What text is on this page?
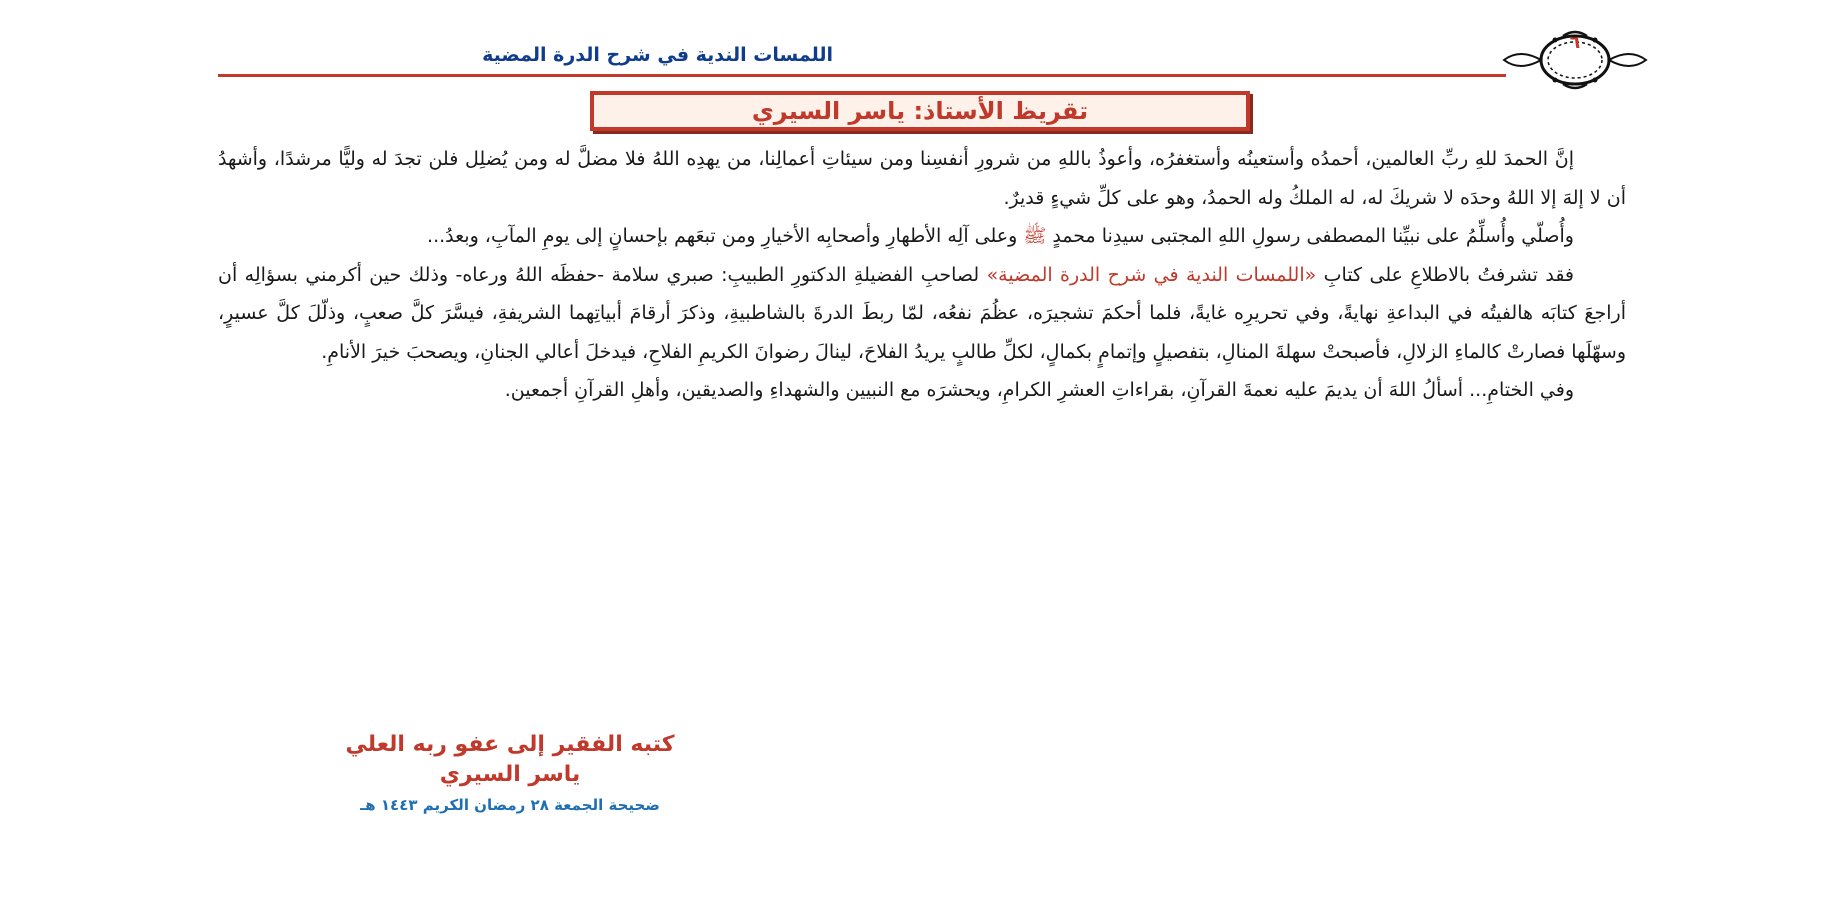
اللمسات الندية في شرح الدرة المضية
٦
تقريظ الأستاذ: ياسر السيري

إنَّ الحمدَ للهِ ربِّ العالمين، أحمدُه وأستعينُه وأستغفرُه، وأعوذُ باللهِ من شرورِ أنفسِنا ومن سيئاتِ أعمالِنا، من يهدِه اللهُ فلا مضلَّ له ومن يُضلِل فلن تجدَ له وليًّا مرشدًا، وأشهدُ أن لا إلهَ إلا اللهُ وحدَه لا شريكَ له، له الملكُ وله الحمدُ، وهو على كلِّ شيءٍ قديرٌ.

وأُصلّي وأُسلِّمُ على نبيِّنا المصطفى رسولِ اللهِ المجتبى سيدِنا محمدٍ ﷺ وعلى آلِه الأطهارِ وأصحابِه الأخيارِ ومن تبعَهم بإحسانٍ إلى يومِ المآبِ، وبعدُ...

فقد تشرفتُ بالاطلاعِ على كتابِ «اللمسات الندية في شرح الدرة المضية» لصاحبِ الفضيلةِ الدكتورِ الطبيبِ: صبري سلامة -حفظَه اللهُ ورعاه- وذلك حين أكرمني بسؤالِه أن أراجعَ كتابَه هالفيتُه في البداعةِ نهايةً، وفي تحريرِه غايةً، فلما أحكمَ تشجيرَه، عظُمَ نفعُه، لمّا ربطَ الدرةَ بالشاطبيةِ، وذكرَ أرقامَ أبياتِهما الشريفةِ، فيسَّرَ كلَّ صعبٍ، وذلّلَ كلَّ عسيرٍ، وسهّلَها فصارتْ كالماءِ الزلالِ، فأصبحتْ سهلةَ المنالِ، بتفصيلٍ وإتمامٍ بكمالٍ، لكلِّ طالبٍ يريدُ الفلاحَ، لينالَ رضوانَ الكريمِ الفلاحِ، فيدخلَ أعالي الجنانِ، ويصحبَ خيرَ الأنامِ.

وفي الختامِ... أسألُ اللهَ أن يديمَ عليه نعمةَ القرآنِ، بقراءاتِ العشرِ الكرامِ، ويحشرَه مع النبيين والشهداءِ والصديقين، وأهلِ القرآنِ أجمعين.

كتبه الفقير إلى عفو ربه العلي
ياسر السيري
ضحيحة الجمعة ٢٨ رمضان الكريم ١٤٤٣ هـ
